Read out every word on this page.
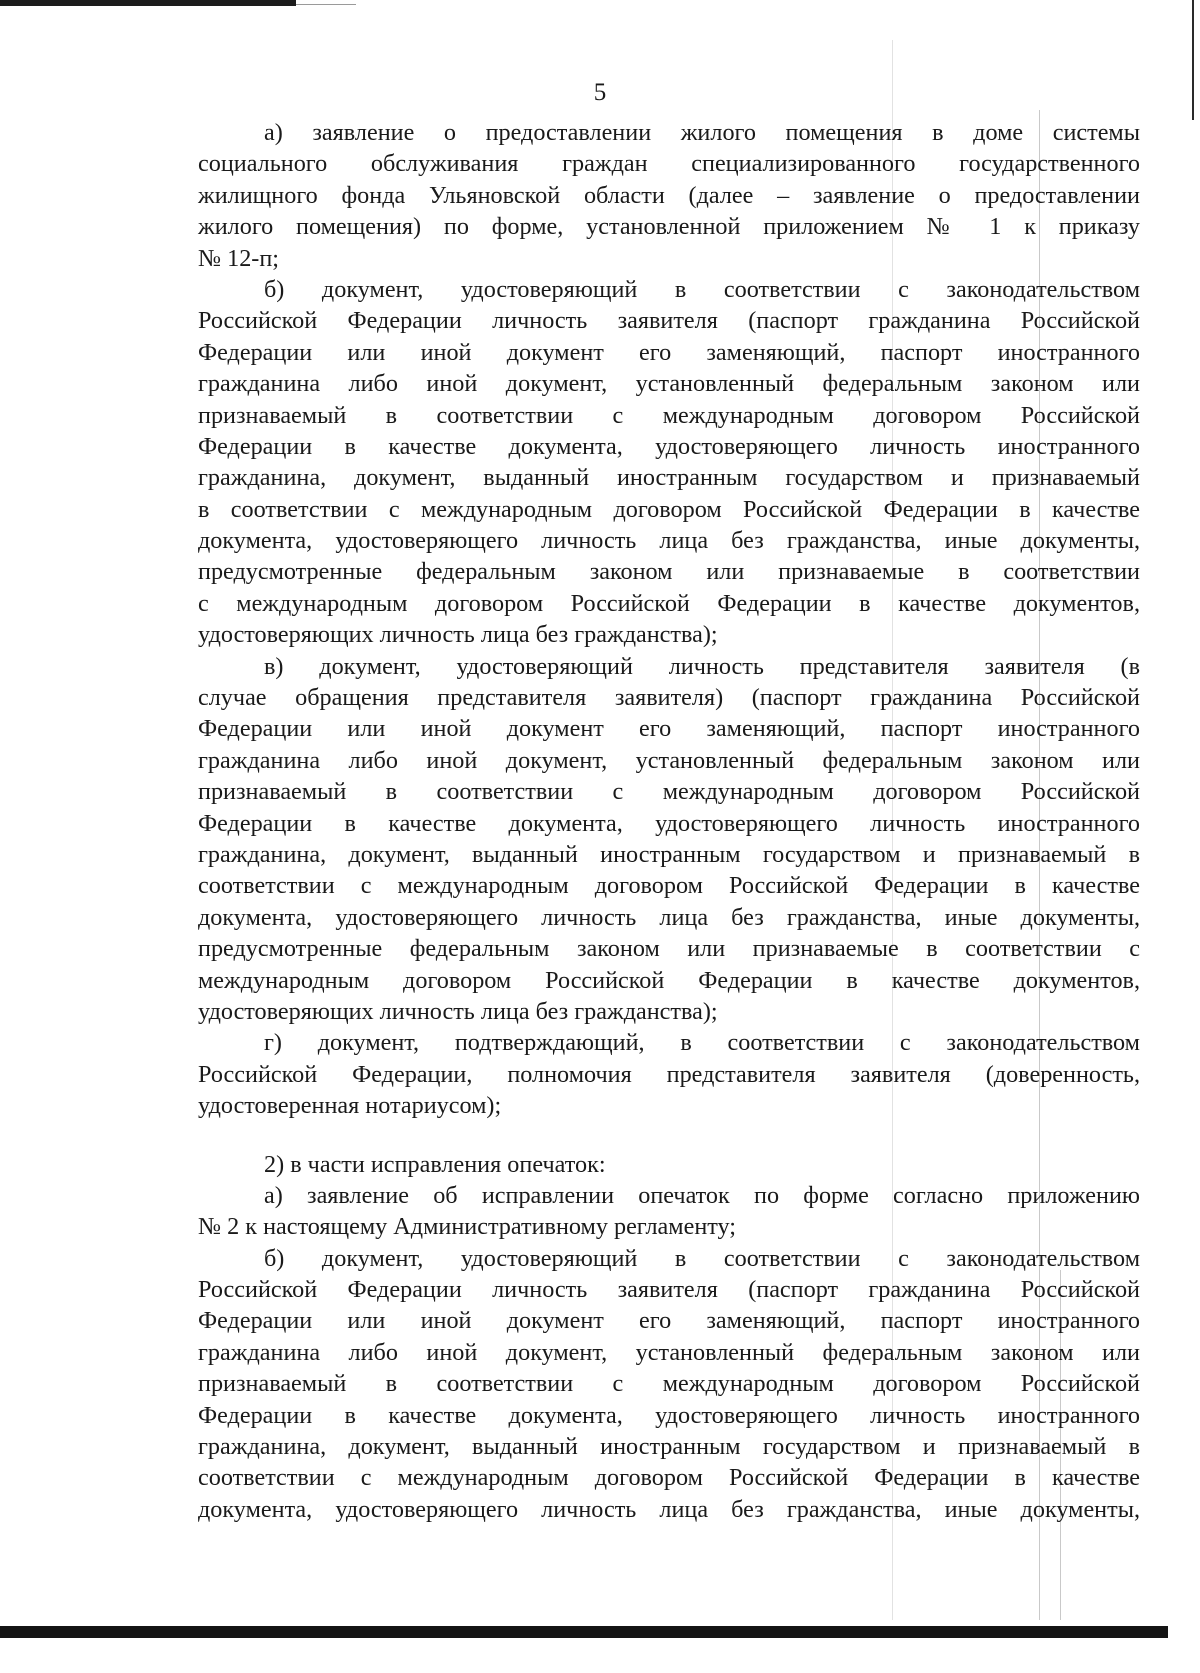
5
а) заявление о предоставлении жилого помещения в доме системы
социального обслуживания граждан специализированного государственного
жилищного фонда Ульяновской области (далее – заявление о предоставлении
жилого помещения) по форме, установленной приложением № 1 к приказу
№ 12-п;
б) документ, удостоверяющий в соответствии с законодательством
Российской Федерации личность заявителя (паспорт гражданина Российской
Федерации или иной документ его заменяющий, паспорт иностранного
гражданина либо иной документ, установленный федеральным законом или
признаваемый в соответствии с международным договором Российской
Федерации в качестве документа, удостоверяющего личность иностранного
гражданина, документ, выданный иностранным государством и признаваемый
в соответствии с международным договором Российской Федерации в качестве
документа, удостоверяющего личность лица без гражданства, иные документы,
предусмотренные федеральным законом или признаваемые в соответствии
с международным договором Российской Федерации в качестве документов,
удостоверяющих личность лица без гражданства);
в) документ, удостоверяющий личность представителя заявителя (в
случае обращения представителя заявителя) (паспорт гражданина Российской
Федерации или иной документ его заменяющий, паспорт иностранного
гражданина либо иной документ, установленный федеральным законом или
признаваемый в соответствии с международным договором Российской
Федерации в качестве документа, удостоверяющего личность иностранного
гражданина, документ, выданный иностранным государством и признаваемый в
соответствии с международным договором Российской Федерации в качестве
документа, удостоверяющего личность лица без гражданства, иные документы,
предусмотренные федеральным законом или признаваемые в соответствии с
международным договором Российской Федерации в качестве документов,
удостоверяющих личность лица без гражданства);
г) документ, подтверждающий, в соответствии с законодательством
Российской Федерации, полномочия представителя заявителя (доверенность,
удостоверенная нотариусом);
2) в части исправления опечаток:
а) заявление об исправлении опечаток по форме согласно приложению
№ 2 к настоящему Административному регламенту;
б) документ, удостоверяющий в соответствии с законодательством
Российской Федерации личность заявителя (паспорт гражданина Российской
Федерации или иной документ его заменяющий, паспорт иностранного
гражданина либо иной документ, установленный федеральным законом или
признаваемый в соответствии с международным договором Российской
Федерации в качестве документа, удостоверяющего личность иностранного
гражданина, документ, выданный иностранным государством и признаваемый в
соответствии с международным договором Российской Федерации в качестве
документа, удостоверяющего личность лица без гражданства, иные документы,
